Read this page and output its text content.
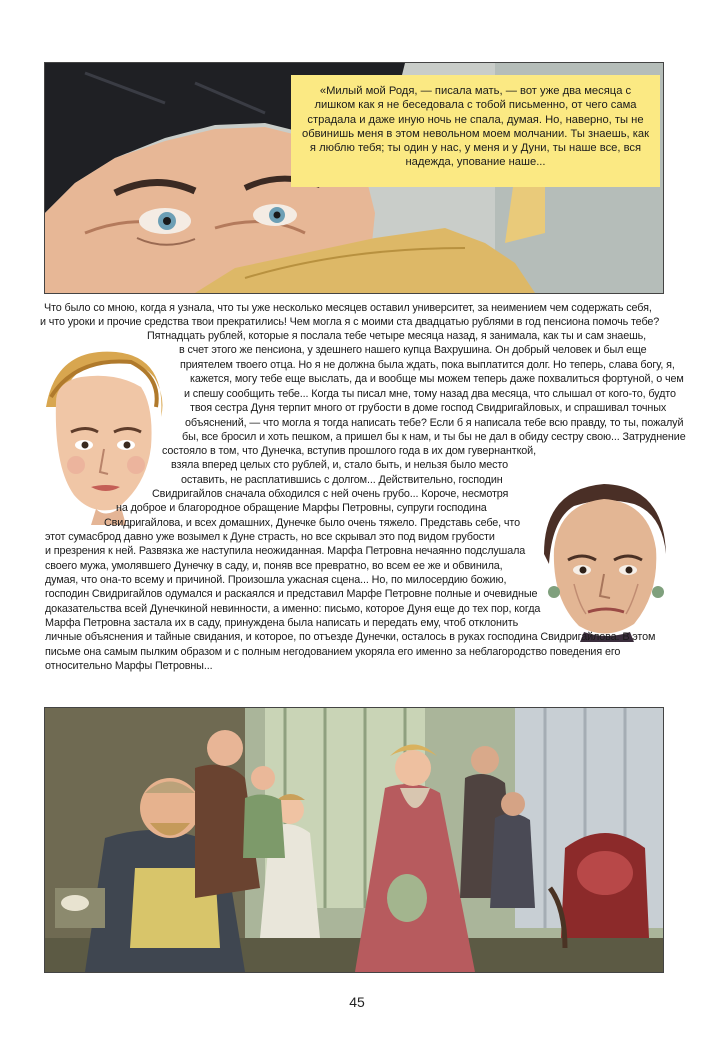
«Милый мой Родя, — писала мать, — вот уже два месяца с лишком как я не беседовала с тобой письменно, от чего сама страдала и даже иную ночь не спала, думая. Но, наверно, ты не обвинишь меня в этом невольном моем молчании. Ты знаешь, как я люблю тебя; ты один у нас, у меня и у Дуни, ты наше все, вся надежда, упование наше...
Что было со мною, когда я узнала, что ты уже несколько месяцев оставил университет, за неимением чем содержать себя,
и что уроки и прочие средства твои прекратились! Чем могла я с моими ста двадцатью рублями в год пенсиона помочь тебе?
Пятнадцать рублей, которые я послала тебе четыре месяца назад, я занимала, как ты и сам знаешь,
в счет этого же пенсиона, у здешнего нашего купца Вахрушина. Он добрый человек и был еще
приятелем твоего отца. Но я не должна была ждать, пока выплатится долг. Но теперь, слава богу, я,
кажется, могу тебе еще выслать, да и вообще мы можем теперь даже похвалиться фортуной, о чем
и спешу сообщить тебе... Когда ты писал мне, тому назад два месяца, что слышал от кого-то, будто
твоя сестра Дуня терпит много от грубости в доме господ Свидригайловых, и спрашивал точных
объяснений, — что могла я тогда написать тебе? Если б я написала тебе всю правду, то ты, пожалуй
бы, все бросил и хоть пешком, а пришел бы к нам, и ты бы не дал в обиду сестру свою... Затруднение
состояло в том, что Дунечка, вступив прошлого года в их дом гувернанткой,
взяла вперед целых сто рублей, и, стало быть, и нельзя было место
оставить, не расплатившись с долгом... Действительно, господин
Свидригайлов сначала обходился с ней очень грубо... Короче, несмотря
на доброе и благородное обращение Марфы Петровны, супруги господина
Свидригайлова, и всех домашних, Дунечке было очень тяжело. Представь себе, что
этот сумасброд давно уже возымел к Дуне страсть, но все скрывал это под видом грубости
и презрения к ней. Развязка же наступила неожиданная. Марфа Петровна нечаянно подслушала
своего мужа, умолявшего Дунечку в саду, и, поняв все превратно, во всем ее же и обвинила,
думая, что она-то всему и причиной. Произошла ужасная сцена... Но, по милосердию божию,
господин Свидригайлов одумался и раскаялся и представил Марфе Петровне полные и очевидные
доказательства всей Дунечкиной невинности, а именно: письмо, которое Дуня еще до тех пор, когда
Марфа Петровна застала их в саду, принуждена была написать и передать ему, чтоб отклонить
личные объяснения и тайные свидания, и которое, по отъезде Дунечки, осталось в руках господина Свидригайлова. В этом
письме она самым пылким образом и с полным негодованием укоряла его именно за неблагородство поведения его
относительно Марфы Петровны...
45
